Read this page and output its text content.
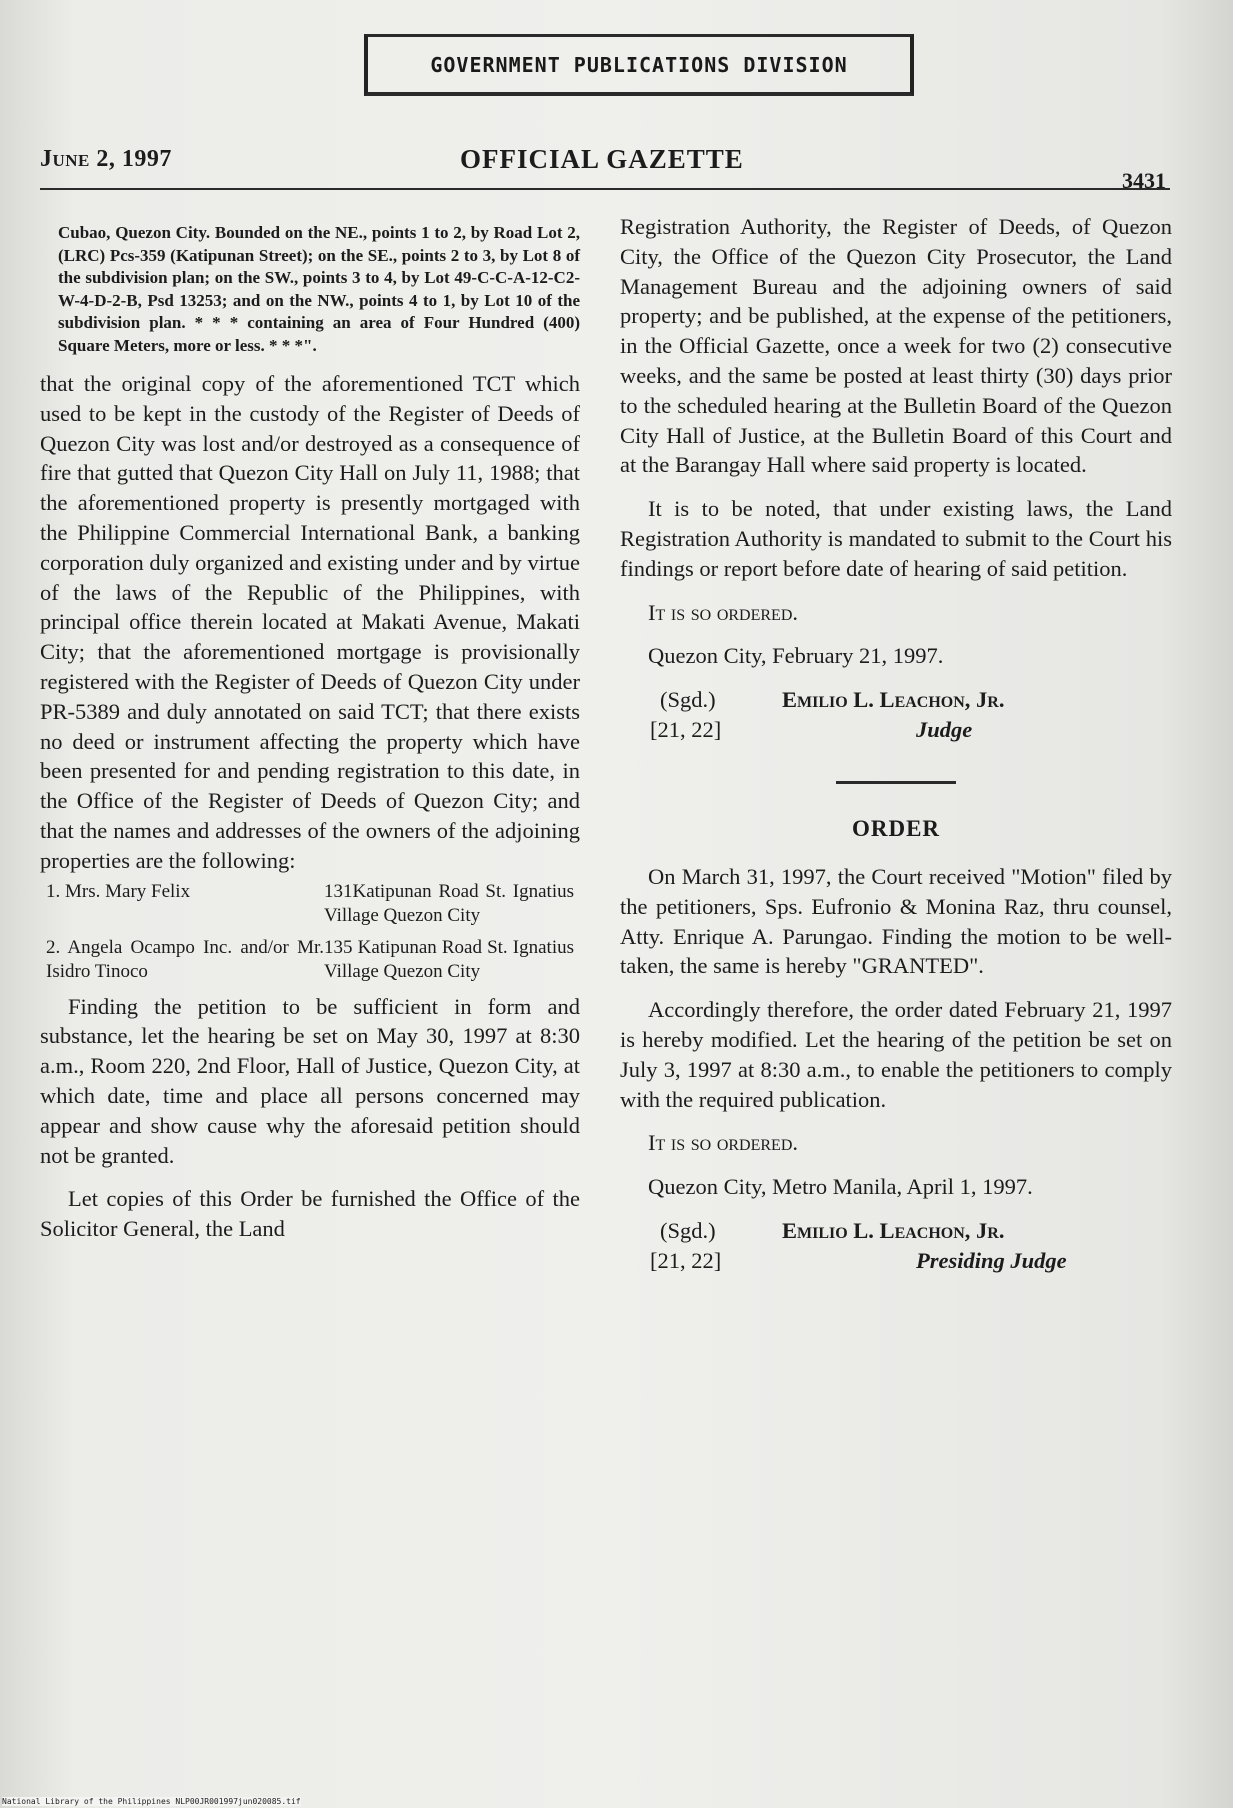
GOVERNMENT PUBLICATIONS DIVISION
June 2, 1997	OFFICIAL GAZETTE
3431

Cubao, Quezon City. Bounded on the NE., points 1 to 2, by Road Lot 2, (LRC) Pcs-359 (Katipunan Street); on the SE., points 2 to 3, by Lot 8 of the subdivision plan; on the SW., points 3 to 4, by Lot 49-C-C-A-12-C2-W-4-D-2-B, Psd 13253; and on the NW., points 4 to 1, by Lot 10 of the subdivision plan. * * * containing an area of Four Hundred (400) Square Meters, more or less. * * *".

that the original copy of the aforementioned TCT which used to be kept in the custody of the Register of Deeds of Quezon City was lost and/or destroyed as a consequence of fire that gutted that Quezon City Hall on July 11, 1988; that the aforementioned property is presently mortgaged with the Philippine Commercial International Bank, a banking corporation duly organized and existing under and by virtue of the laws of the Republic of the Philippines, with principal office therein located at Makati Avenue, Makati City; that the aforementioned mortgage is provisionally registered with the Register of Deeds of Quezon City under PR-5389 and duly annotated on said TCT; that there exists no deed or instrument affecting the property which have been presented for and pending registration to this date, in the Office of the Register of Deeds of Quezon City; and that the names and addresses of the owners of the adjoining properties are the following:

1. Mrs. Mary Felix	131Katipunan Road St. Ignatius Village Quezon City
2. Angela Ocampo Inc. and/or Mr. Isidro Tinoco
135 Katipunan Road St. Ignatius Village Quezon City

Finding the petition to be sufficient in form and substance, let the hearing be set on May 30, 1997 at 8:30 a.m., Room 220, 2nd Floor, Hall of Justice, Quezon City, at which date, time and place all persons concerned may appear and show cause why the aforesaid petition should not be granted.

Let copies of this Order be furnished the Office of the Solicitor General, the Land

Registration Authority, the Register of Deeds, of Quezon City, the Office of the Quezon City Prosecutor, the Land Management Bureau and the adjoining owners of said property; and be published, at the expense of the petitioners, in the Official Gazette, once a week for two (2) consecutive weeks, and the same be posted at least thirty (30) days prior to the scheduled hearing at the Bulletin Board of the Quezon City Hall of Justice, at the Bulletin Board of this Court and at the Barangay Hall where said property is located.

It is to be noted, that under existing laws, the Land Registration Authority is mandated to submit to the Court his findings or report before date of hearing of said petition.

It is so ordered.

Quezon City, February 21, 1997.

(Sgd.)
[21, 22]
Emilio L. Leachon, Jr.
Judge
ORDER

On March 31, 1997, the Court received "Motion" filed by the petitioners, Sps. Eufronio & Monina Raz, thru counsel, Atty. Enrique A. Parungao. Finding the motion to be well-taken, the same is hereby "GRANTED".

Accordingly therefore, the order dated February 21, 1997 is hereby modified. Let the hearing of the petition be set on July 3, 1997 at 8:30 a.m., to enable the petitioners to comply with the required publication.

It is so ordered.

Quezon City, Metro Manila, April 1, 1997.

(Sgd.)
[21, 22]
Emilio L. Leachon, Jr.
Presiding Judge
National Library of the Philippines NLP00JR001997jun020085.tif
